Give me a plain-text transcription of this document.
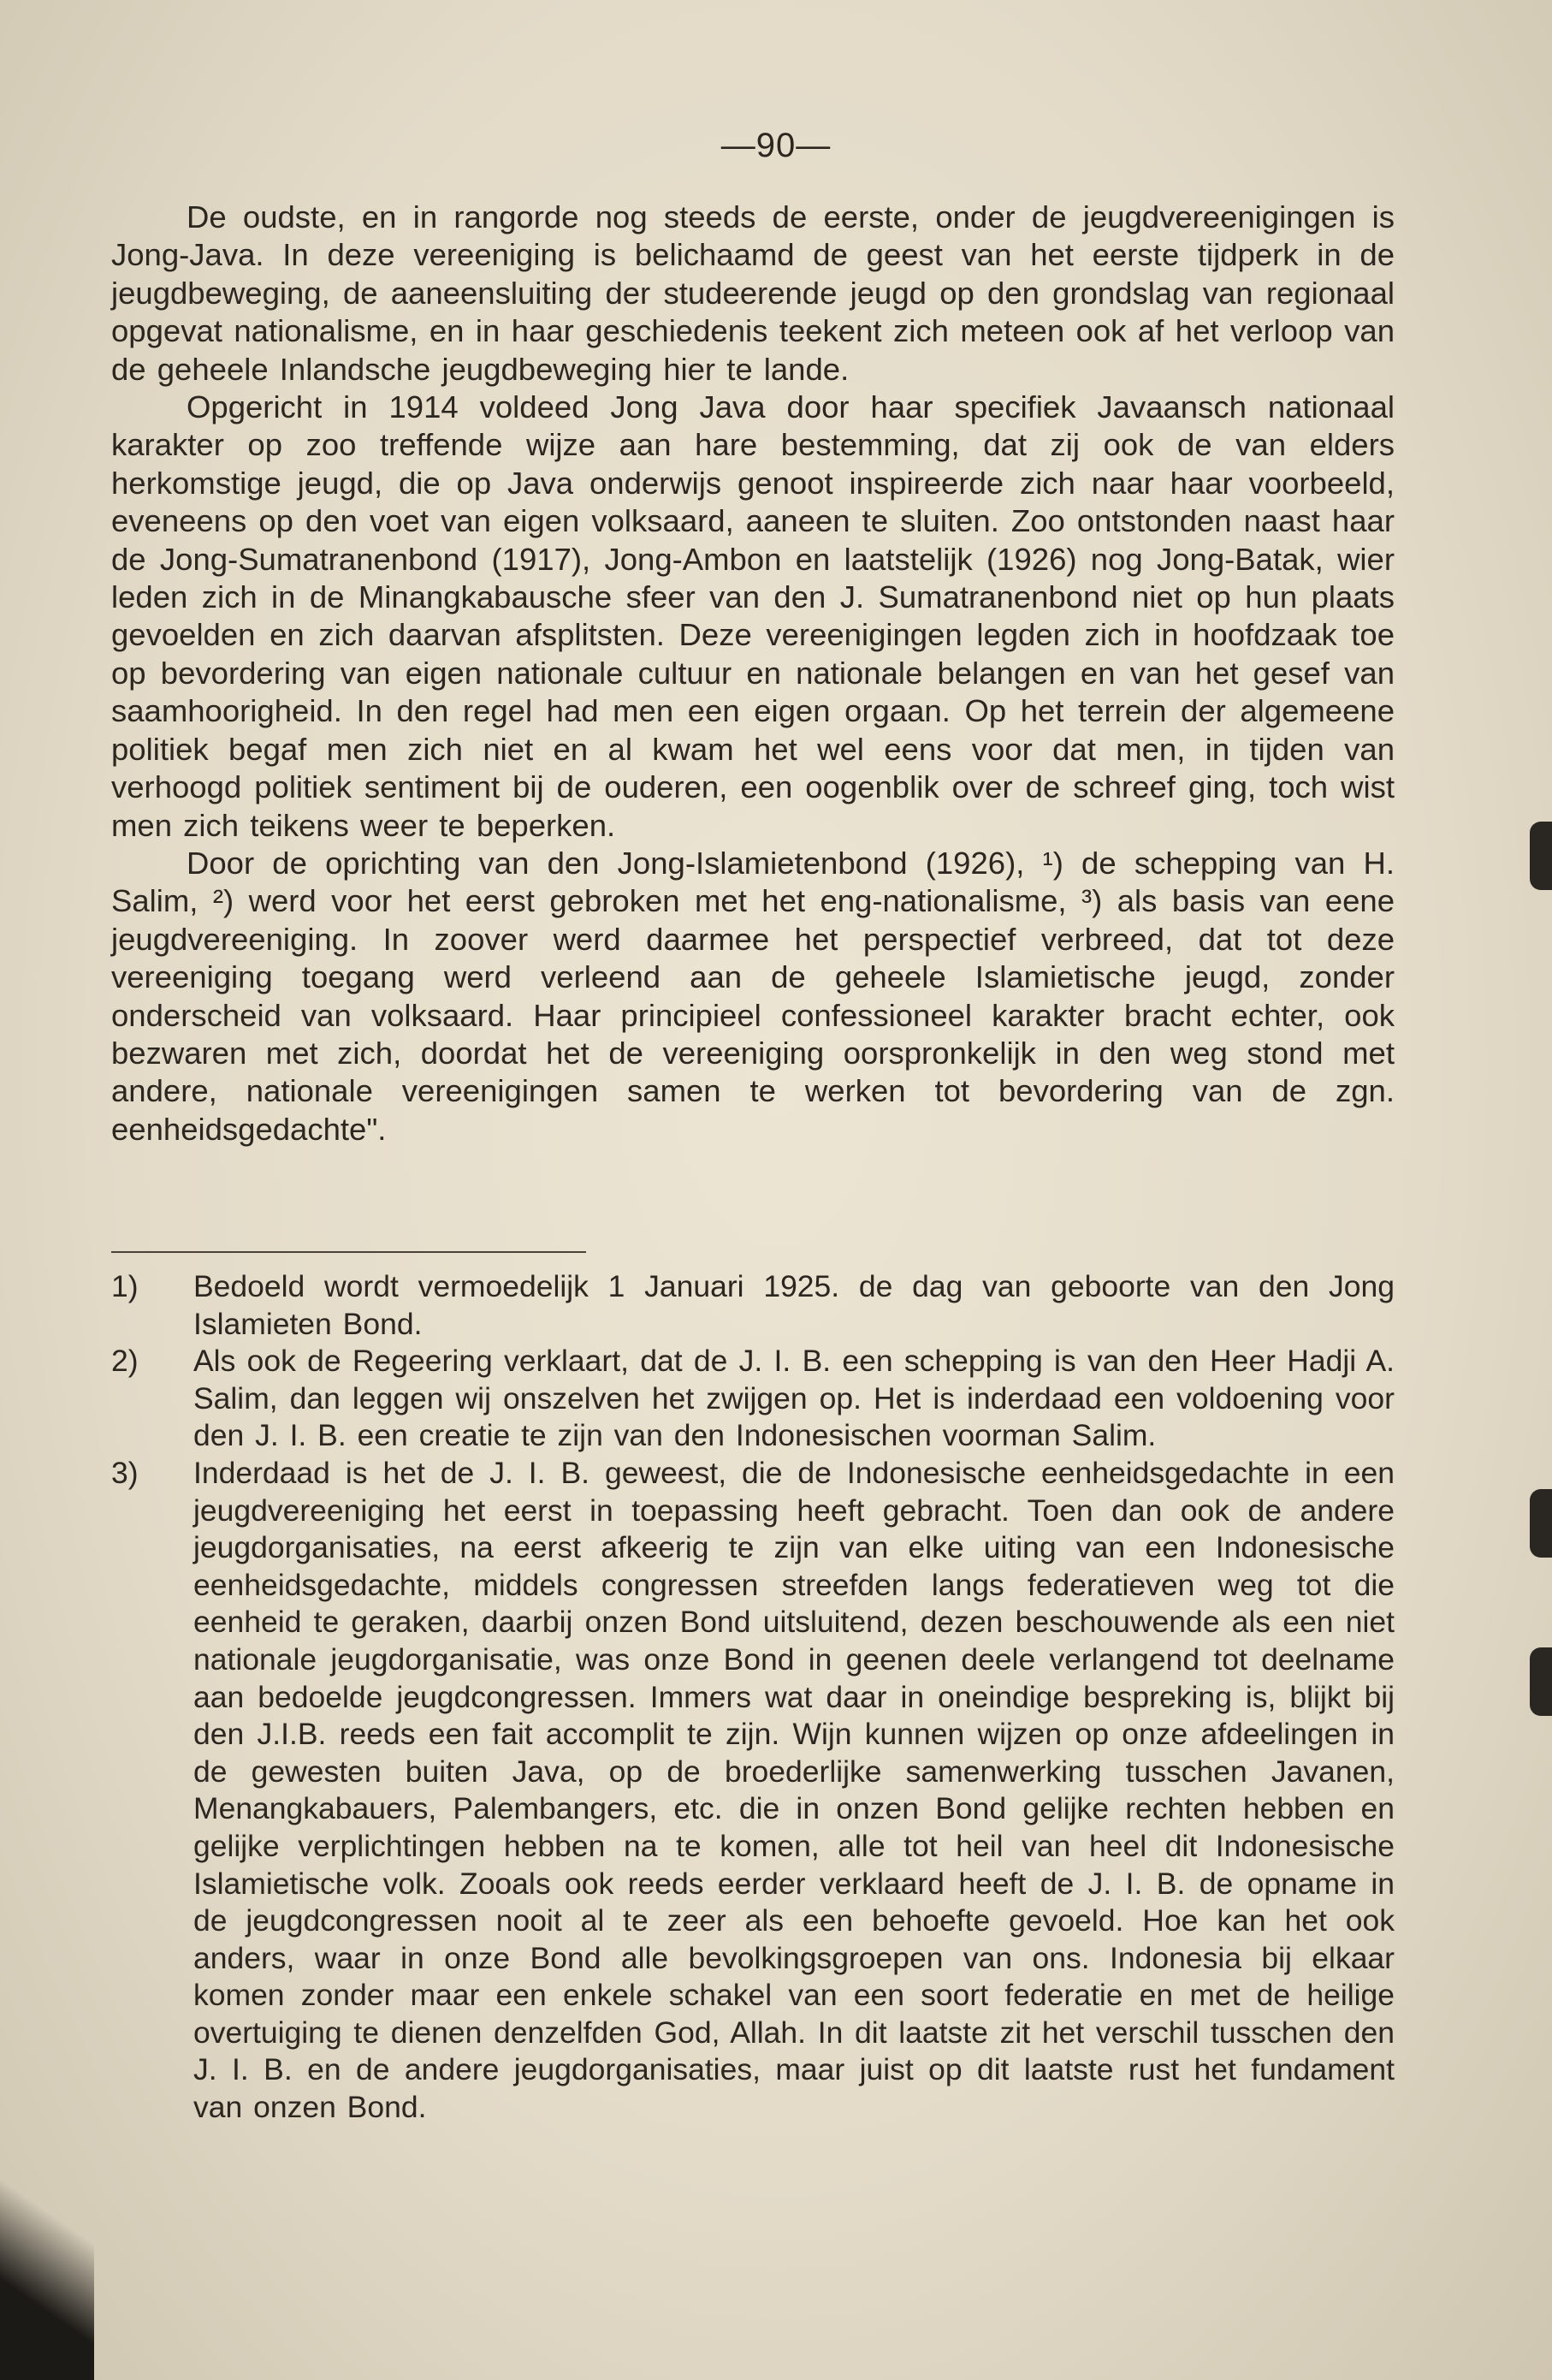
—90—

De oudste, en in rangorde nog steeds de eerste, onder de jeugdvereenigingen is Jong-Java. In deze vereeniging is belichaamd de geest van het eerste tijdperk in de jeugdbeweging, de aaneensluiting der studeerende jeugd op den grondslag van regionaal opgevat nationalisme, en in haar geschiedenis teekent zich meteen ook af het verloop van de geheele Inlandsche jeugdbeweging hier te lande.

Opgericht in 1914 voldeed Jong Java door haar specifiek Javaansch nationaal karakter op zoo treffende wijze aan hare bestemming, dat zij ook de van elders herkomstige jeugd, die op Java onderwijs genoot inspireerde zich naar haar voorbeeld, eveneens op den voet van eigen volksaard, aaneen te sluiten. Zoo ontstonden naast haar de Jong-Sumatranenbond (1917), Jong-Ambon en laatstelijk (1926) nog Jong-Batak, wier leden zich in de Minangkabausche sfeer van den J. Sumatranenbond niet op hun plaats gevoelden en zich daarvan afsplitsten. Deze vereenigingen legden zich in hoofdzaak toe op bevordering van eigen nationale cultuur en nationale belangen en van het gesef van saamhoorigheid. In den regel had men een eigen orgaan. Op het terrein der algemeene politiek begaf men zich niet en al kwam het wel eens voor dat men, in tijden van verhoogd politiek sentiment bij de ouderen, een oogenblik over de schreef ging, toch wist men zich teikens weer te beperken.

Door de oprichting van den Jong-Islamietenbond (1926), ¹) de schepping van H. Salim, ²) werd voor het eerst gebroken met het eng-nationalisme, ³) als basis van eene jeugdvereeniging. In zoover werd daarmee het perspectief verbreed, dat tot deze vereeniging toegang werd verleend aan de geheele Islamietische jeugd, zonder onderscheid van volksaard. Haar principieel confessioneel karakter bracht echter, ook bezwaren met zich, doordat het de vereeniging oorspronkelijk in den weg stond met andere, nationale vereenigingen samen te werken tot bevordering van de zgn. eenheidsgedachte".

1)	Bedoeld wordt vermoedelijk 1 Januari 1925. de dag van geboorte van den Jong Islamieten Bond.
2)	Als ook de Regeering verklaart, dat de J. I. B. een schepping is van den Heer Hadji A. Salim, dan leggen wij onszelven het zwijgen op. Het is inderdaad een voldoening voor den J. I. B. een creatie te zijn van den Indonesischen voorman Salim.
3)	Inderdaad is het de J. I. B. geweest, die de Indonesische eenheidsgedachte in een jeugdvereeniging het eerst in toepassing heeft gebracht. Toen dan ook de andere jeugdorganisaties, na eerst afkeerig te zijn van elke uiting van een Indonesische eenheidsgedachte, middels congressen streefden langs federatieven weg tot die eenheid te geraken, daarbij onzen Bond uitsluitend, dezen beschouwende als een niet nationale jeugdorganisatie, was onze Bond in geenen deele verlangend tot deelname aan bedoelde jeugdcongressen. Immers wat daar in oneindige bespreking is, blijkt bij den J.I.B. reeds een fait accomplit te zijn. Wijn kunnen wijzen op onze afdeelingen in de gewesten buiten Java, op de broederlijke samenwerking tusschen Javanen, Menangkabauers, Palembangers, etc. die in onzen Bond gelijke rechten hebben en gelijke verplichtingen hebben na te komen, alle tot heil van heel dit Indonesische Islamietische volk. Zooals ook reeds eerder verklaard heeft de J. I. B. de opname in de jeugdcongressen nooit al te zeer als een behoefte gevoeld. Hoe kan het ook anders, waar in onze Bond alle bevolkingsgroepen van ons. Indonesia bij elkaar komen zonder maar een enkele schakel van een soort federatie en met de heilige overtuiging te dienen denzelfden God, Allah. In dit laatste zit het verschil tusschen den J. I. B. en de andere jeugdorganisaties, maar juist op dit laatste rust het fundament van onzen Bond.
